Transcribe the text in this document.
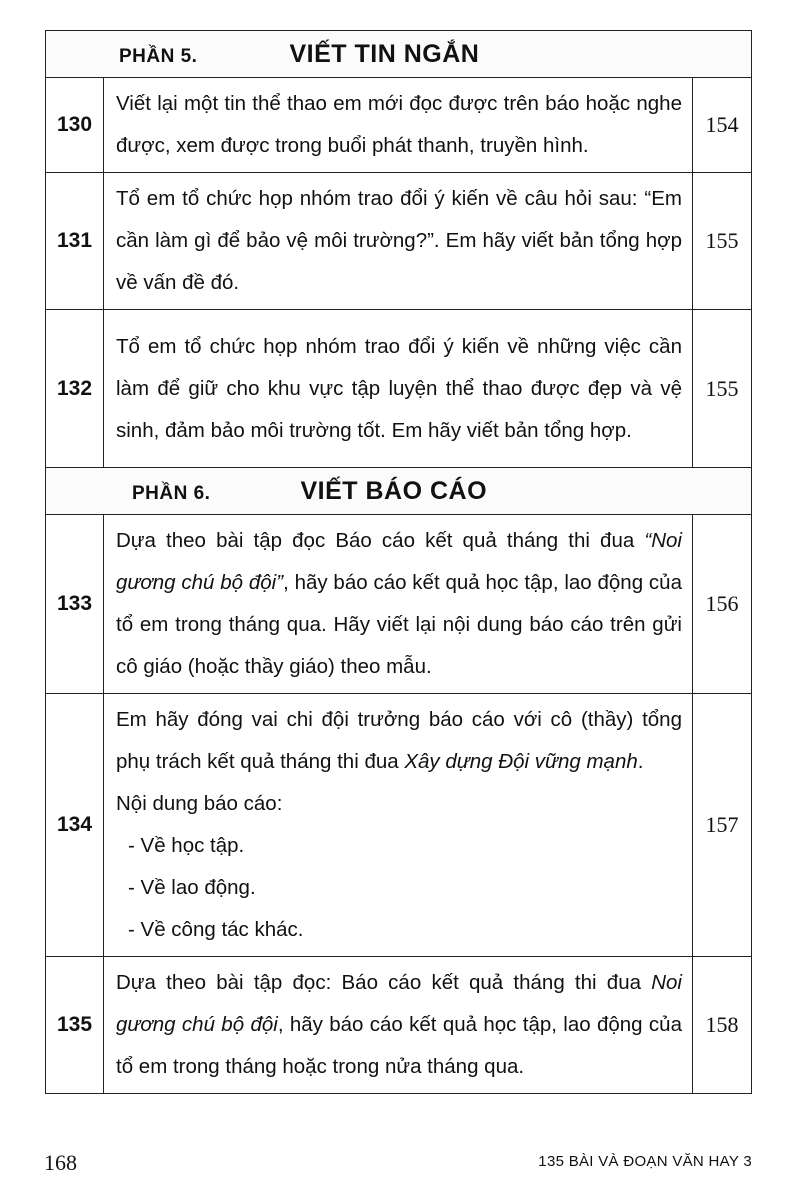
PHẦN 5. VIẾT TIN NGẮN		

130	Viết lại một tin thể thao em mới đọc được trên báo hoặc nghe được, xem được trong buổi phát thanh, truyền hình.	154
131	Tổ em tổ chức họp nhóm trao đổi ý kiến về câu hỏi sau: “Em cần làm gì để bảo vệ môi trường?”. Em hãy viết bản tổng hợp về vấn đề đó.	155
132	Tổ em tổ chức họp nhóm trao đổi ý kiến về những việc cần làm để giữ cho khu vực tập luyện thể thao được đẹp và vệ sinh, đảm bảo môi trường tốt. Em hãy viết bản tổng hợp.	155

PHẦN 6. VIẾT BÁO CÁO		

133	Dựa theo bài tập đọc Báo cáo kết quả tháng thi đua “Noi gương chú bộ đội”, hãy báo cáo kết quả học tập, lao động của tổ em trong tháng qua. Hãy viết lại nội dung báo cáo trên gửi cô giáo (hoặc thầy giáo) theo mẫu.	156
134	Em hãy đóng vai chi đội trưởng báo cáo với cô (thầy) tổng phụ trách kết quả tháng thi đua Xây dựng Đội vững mạnh.

Nội dung báo cáo:

- Về học tập.

- Về lao động.

- Về công tác khác.	157
135	Dựa theo bài tập đọc: Báo cáo kết quả tháng thi đua Noi gương chú bộ đội, hãy báo cáo kết quả học tập, lao động của tổ em trong tháng hoặc trong nửa tháng qua.	158
168	135 BÀI VÀ ĐOẠN VĂN HAY 3
